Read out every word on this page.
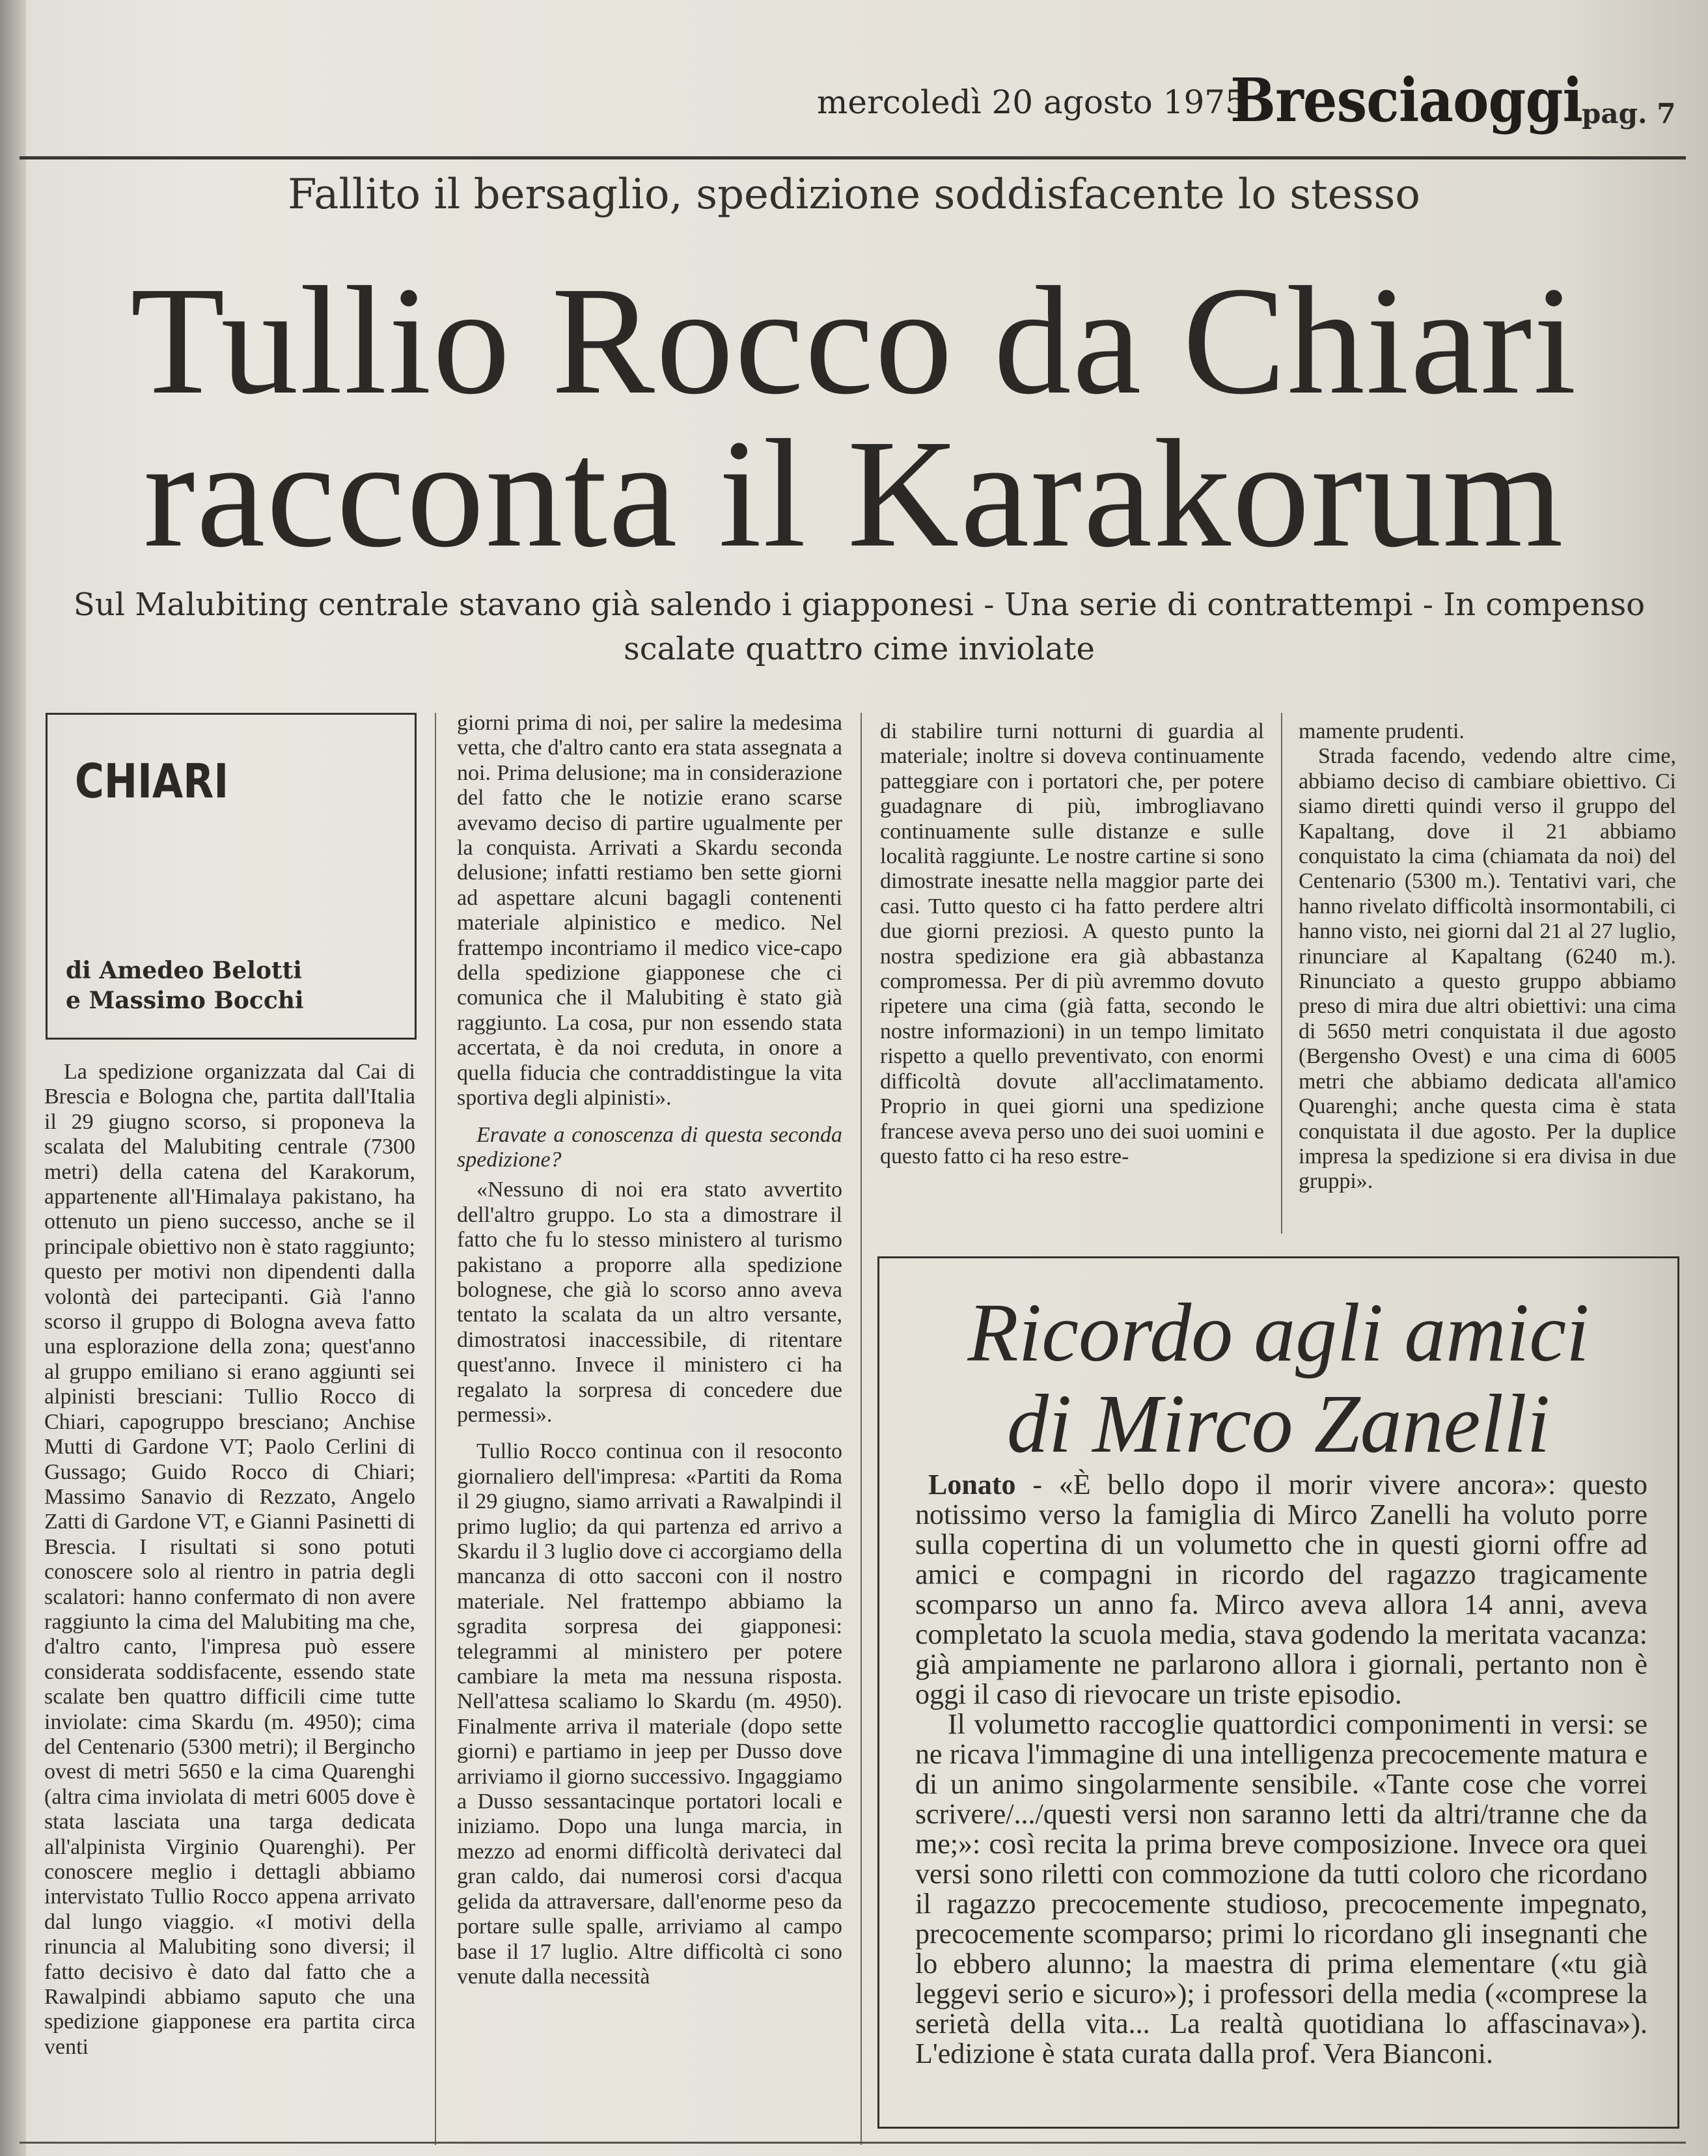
mercoledì 20 agosto 1975
Bresciaoggi pag. 7
Fallito il bersaglio, spedizione soddisfacente lo stesso
Tullio Rocco da Chiari
racconta il Karakorum
Sul Malubiting centrale stavano già salendo i giapponesi - Una serie di contrattempi - In compenso scalate quattro cime inviolate
CHIARI
di Amedeo Belotti
e Massimo Bocchi

La spedizione organizzata dal Cai di Brescia e Bologna che, partita dall'Italia il 29 giugno scorso, si proponeva la scalata del Malubiting centrale (7300 metri) della catena del Karakorum, appartenente all'Himalaya pakistano, ha ottenuto un pieno successo, anche se il principale obiettivo non è stato raggiunto; questo per motivi non dipendenti dalla volontà dei partecipanti. Già l'anno scorso il gruppo di Bologna aveva fatto una esplorazione della zona; quest'anno al gruppo emiliano si erano aggiunti sei alpinisti bresciani: Tullio Rocco di Chiari, capogruppo bresciano; Anchise Mutti di Gardone VT; Paolo Cerlini di Gussago; Guido Rocco di Chiari; Massimo Sanavio di Rezzato, Angelo Zatti di Gardone VT, e Gianni Pasinetti di Brescia. I risultati si sono potuti conoscere solo al rientro in patria degli scalatori: hanno confermato di non avere raggiunto la cima del Malubiting ma che, d'altro canto, l'impresa può essere considerata soddisfacente, essendo state scalate ben quattro difficili cime tutte inviolate: cima Skardu (m. 4950); cima del Centenario (5300 metri); il Bergincho ovest di metri 5650 e la cima Quarenghi (altra cima inviolata di metri 6005 dove è stata lasciata una targa dedicata all'alpinista Virginio Quarenghi). Per conoscere meglio i dettagli abbiamo intervistato Tullio Rocco appena arrivato dal lungo viaggio. «I motivi della rinuncia al Malubiting sono diversi; il fatto decisivo è dato dal fatto che a Rawalpindi abbiamo saputo che una spedizione giapponese era partita circa venti

giorni prima di noi, per salire la medesima vetta, che d'altro canto era stata assegnata a noi. Prima delusione; ma in considerazione del fatto che le notizie erano scarse avevamo deciso di partire ugualmente per la conquista. Arrivati a Skardu seconda delusione; infatti restiamo ben sette giorni ad aspettare alcuni bagagli contenenti materiale alpinistico e medico. Nel frattempo incontriamo il medico vice-capo della spedizione giapponese che ci comunica che il Malubiting è stato già raggiunto. La cosa, pur non essendo stata accertata, è da noi creduta, in onore a quella fiducia che contraddistingue la vita sportiva degli alpinisti».

Eravate a conoscenza di questa seconda spedizione?

«Nessuno di noi era stato avvertito dell'altro gruppo. Lo sta a dimostrare il fatto che fu lo stesso ministero al turismo pakistano a proporre alla spedizione bolognese, che già lo scorso anno aveva tentato la scalata da un altro versante, dimostratosi inaccessibile, di ritentare quest'anno. Invece il ministero ci ha regalato la sorpresa di concedere due permessi».

Tullio Rocco continua con il resoconto giornaliero dell'impresa: «Partiti da Roma il 29 giugno, siamo arrivati a Rawalpindi il primo luglio; da qui partenza ed arrivo a Skardu il 3 luglio dove ci accorgiamo della mancanza di otto sacconi con il nostro materiale. Nel frattempo abbiamo la sgradita sorpresa dei giapponesi: telegrammi al ministero per potere cambiare la meta ma nessuna risposta. Nell'attesa scaliamo lo Skardu (m. 4950). Finalmente arriva il materiale (dopo sette giorni) e partiamo in jeep per Dusso dove arriviamo il giorno successivo. Ingaggiamo a Dusso sessantacinque portatori locali e iniziamo. Dopo una lunga marcia, in mezzo ad enormi difficoltà derivateci dal gran caldo, dai numerosi corsi d'acqua gelida da attraversare, dall'enorme peso da portare sulle spalle, arriviamo al campo base il 17 luglio. Altre difficoltà ci sono venute dalla necessità

di stabilire turni notturni di guardia al materiale; inoltre si doveva continuamente patteggiare con i portatori che, per potere guadagnare di più, imbrogliavano continuamente sulle distanze e sulle località raggiunte. Le nostre cartine si sono dimostrate inesatte nella maggior parte dei casi. Tutto questo ci ha fatto perdere altri due giorni preziosi. A questo punto la nostra spedizione era già abbastanza compromessa. Per di più avremmo dovuto ripetere una cima (già fatta, secondo le nostre informazioni) in un tempo limitato rispetto a quello preventivato, con enormi difficoltà dovute all'acclimatamento. Proprio in quei giorni una spedizione francese aveva perso uno dei suoi uomini e questo fatto ci ha reso estre-

mamente prudenti.

Strada facendo, vedendo altre cime, abbiamo deciso di cambiare obiettivo. Ci siamo diretti quindi verso il gruppo del Kapaltang, dove il 21 abbiamo conquistato la cima (chiamata da noi) del Centenario (5300 m.). Tentativi vari, che hanno rivelato difficoltà insormontabili, ci hanno visto, nei giorni dal 21 al 27 luglio, rinunciare al Kapaltang (6240 m.). Rinunciato a questo gruppo abbiamo preso di mira due altri obiettivi: una cima di 5650 metri conquistata il due agosto (Bergensho Ovest) e una cima di 6005 metri che abbiamo dedicata all'amico Quarenghi; anche questa cima è stata conquistata il due agosto. Per la duplice impresa la spedizione si era divisa in due gruppi».

Ricordo agli amici
di Mirco Zanelli

Lonato - «È bello dopo il morir vivere ancora»: questo notissimo verso la famiglia di Mirco Zanelli ha voluto porre sulla copertina di un volumetto che in questi giorni offre ad amici e compagni in ricordo del ragazzo tragicamente scomparso un anno fa. Mirco aveva allora 14 anni, aveva completato la scuola media, stava godendo la meritata vacanza: già ampiamente ne parlarono allora i giornali, pertanto non è oggi il caso di rievocare un triste episodio.

Il volumetto raccoglie quattordici componimenti in versi: se ne ricava l'immagine di una intelligenza precocemente matura e di un animo singolarmente sensibile. «Tante cose che vorrei scrivere/.../questi versi non saranno letti da altri/tranne che da me;»: così recita la prima breve composizione. Invece ora quei versi sono riletti con commozione da tutti coloro che ricordano il ragazzo precocemente studioso, precocemente impegnato, precocemente scomparso; primi lo ricordano gli insegnanti che lo ebbero alunno; la maestra di prima elementare («tu già leggevi serio e sicuro»); i professori della media («comprese la serietà della vita... La realtà quotidiana lo affascinava»). L'edizione è stata curata dalla prof. Vera Bianconi.
